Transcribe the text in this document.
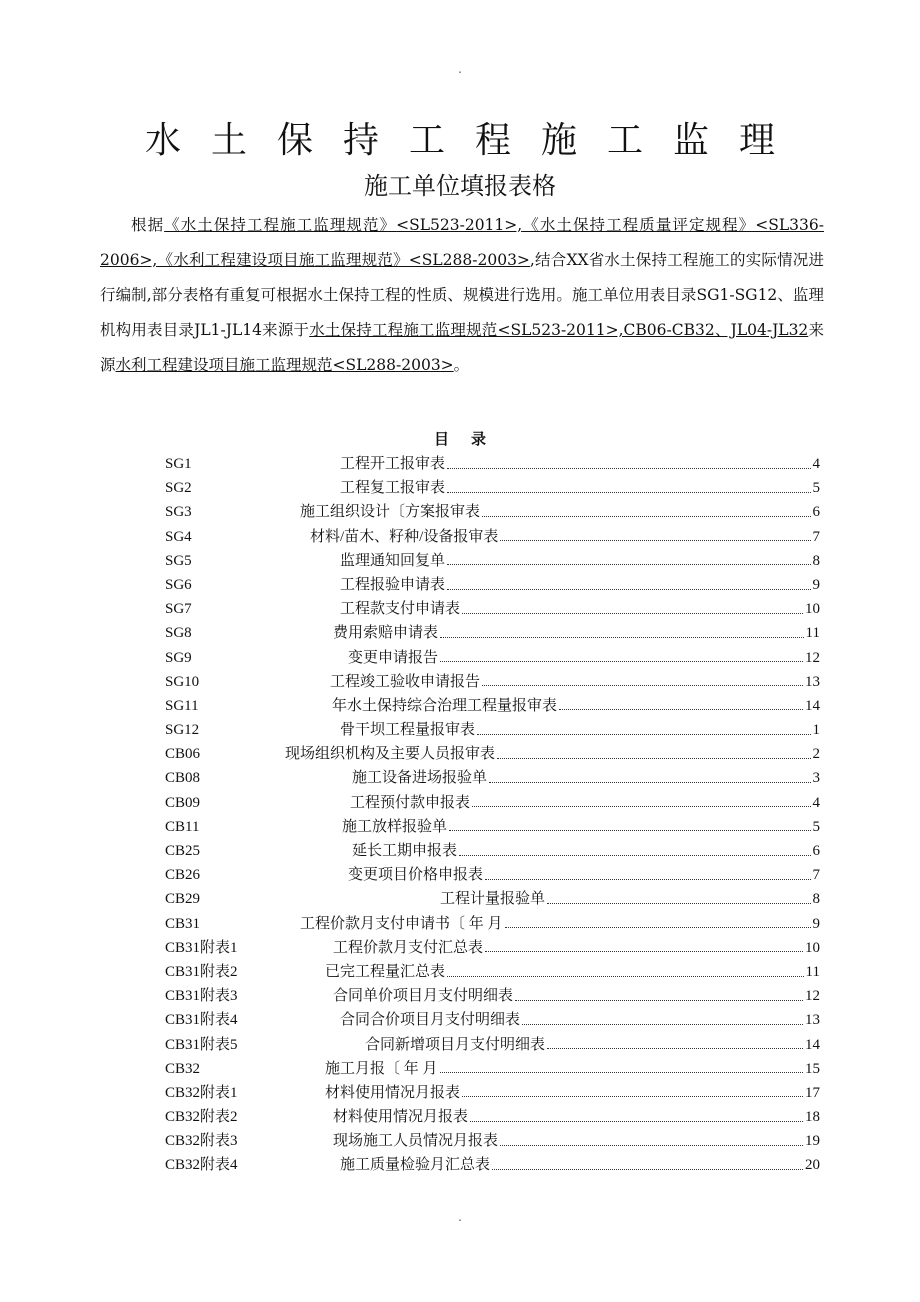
.
水土保持工程施工监理
施工单位填报表格

根据《水土保持工程施工监理规范》<SL523-2011>,《水土保持工程质量评定规程》<SL336-2006>,《水利工程建设项目施工监理规范》<SL288-2003>,结合XX省水土保持工程施工的实际情况进行编制,部分表格有重复可根据水土保持工程的性质、规模进行选用。施工单位用表目录SG1-SG12、监理机构用表目录JL1-JL14来源于水土保持工程施工监理规范<SL523-2011>,CB06-CB32、JL04-JL32来源水利工程建设项目施工监理规范<SL288-2003>。

目录
SG1	工程开工报审表	4
SG2	工程复工报审表	5
SG3	施工组织设计〔方案报审表	6
SG4	材料/苗木、籽种/设备报审表	7
SG5	监理通知回复单	8
SG6	工程报验申请表	9
SG7	工程款支付申请表	10
SG8	费用索赔申请表	11
SG9	变更申请报告	12
SG10	工程竣工验收申请报告	13
SG11	年水土保持综合治理工程量报审表	14
SG12	骨干坝工程量报审表	1
CB06	现场组织机构及主要人员报审表	2
CB08	施工设备进场报验单	3
CB09	工程预付款申报表	4
CB11	施工放样报验单	5
CB25	延长工期申报表	6
CB26	变更项目价格申报表	7
CB29	工程计量报验单	8
CB31	工程价款月支付申请书〔 年 月	9
CB31附表1	工程价款月支付汇总表	10
CB31附表2	已完工程量汇总表	11
CB31附表3	合同单价项目月支付明细表	12
CB31附表4	合同合价项目月支付明细表	13
CB31附表5	合同新增项目月支付明细表	14
CB32	施工月报〔 年 月	15
CB32附表1	材料使用情况月报表	17
CB32附表2	材料使用情况月报表	18
CB32附表3	现场施工人员情况月报表	19
CB32附表4	施工质量检验月汇总表	20
.
